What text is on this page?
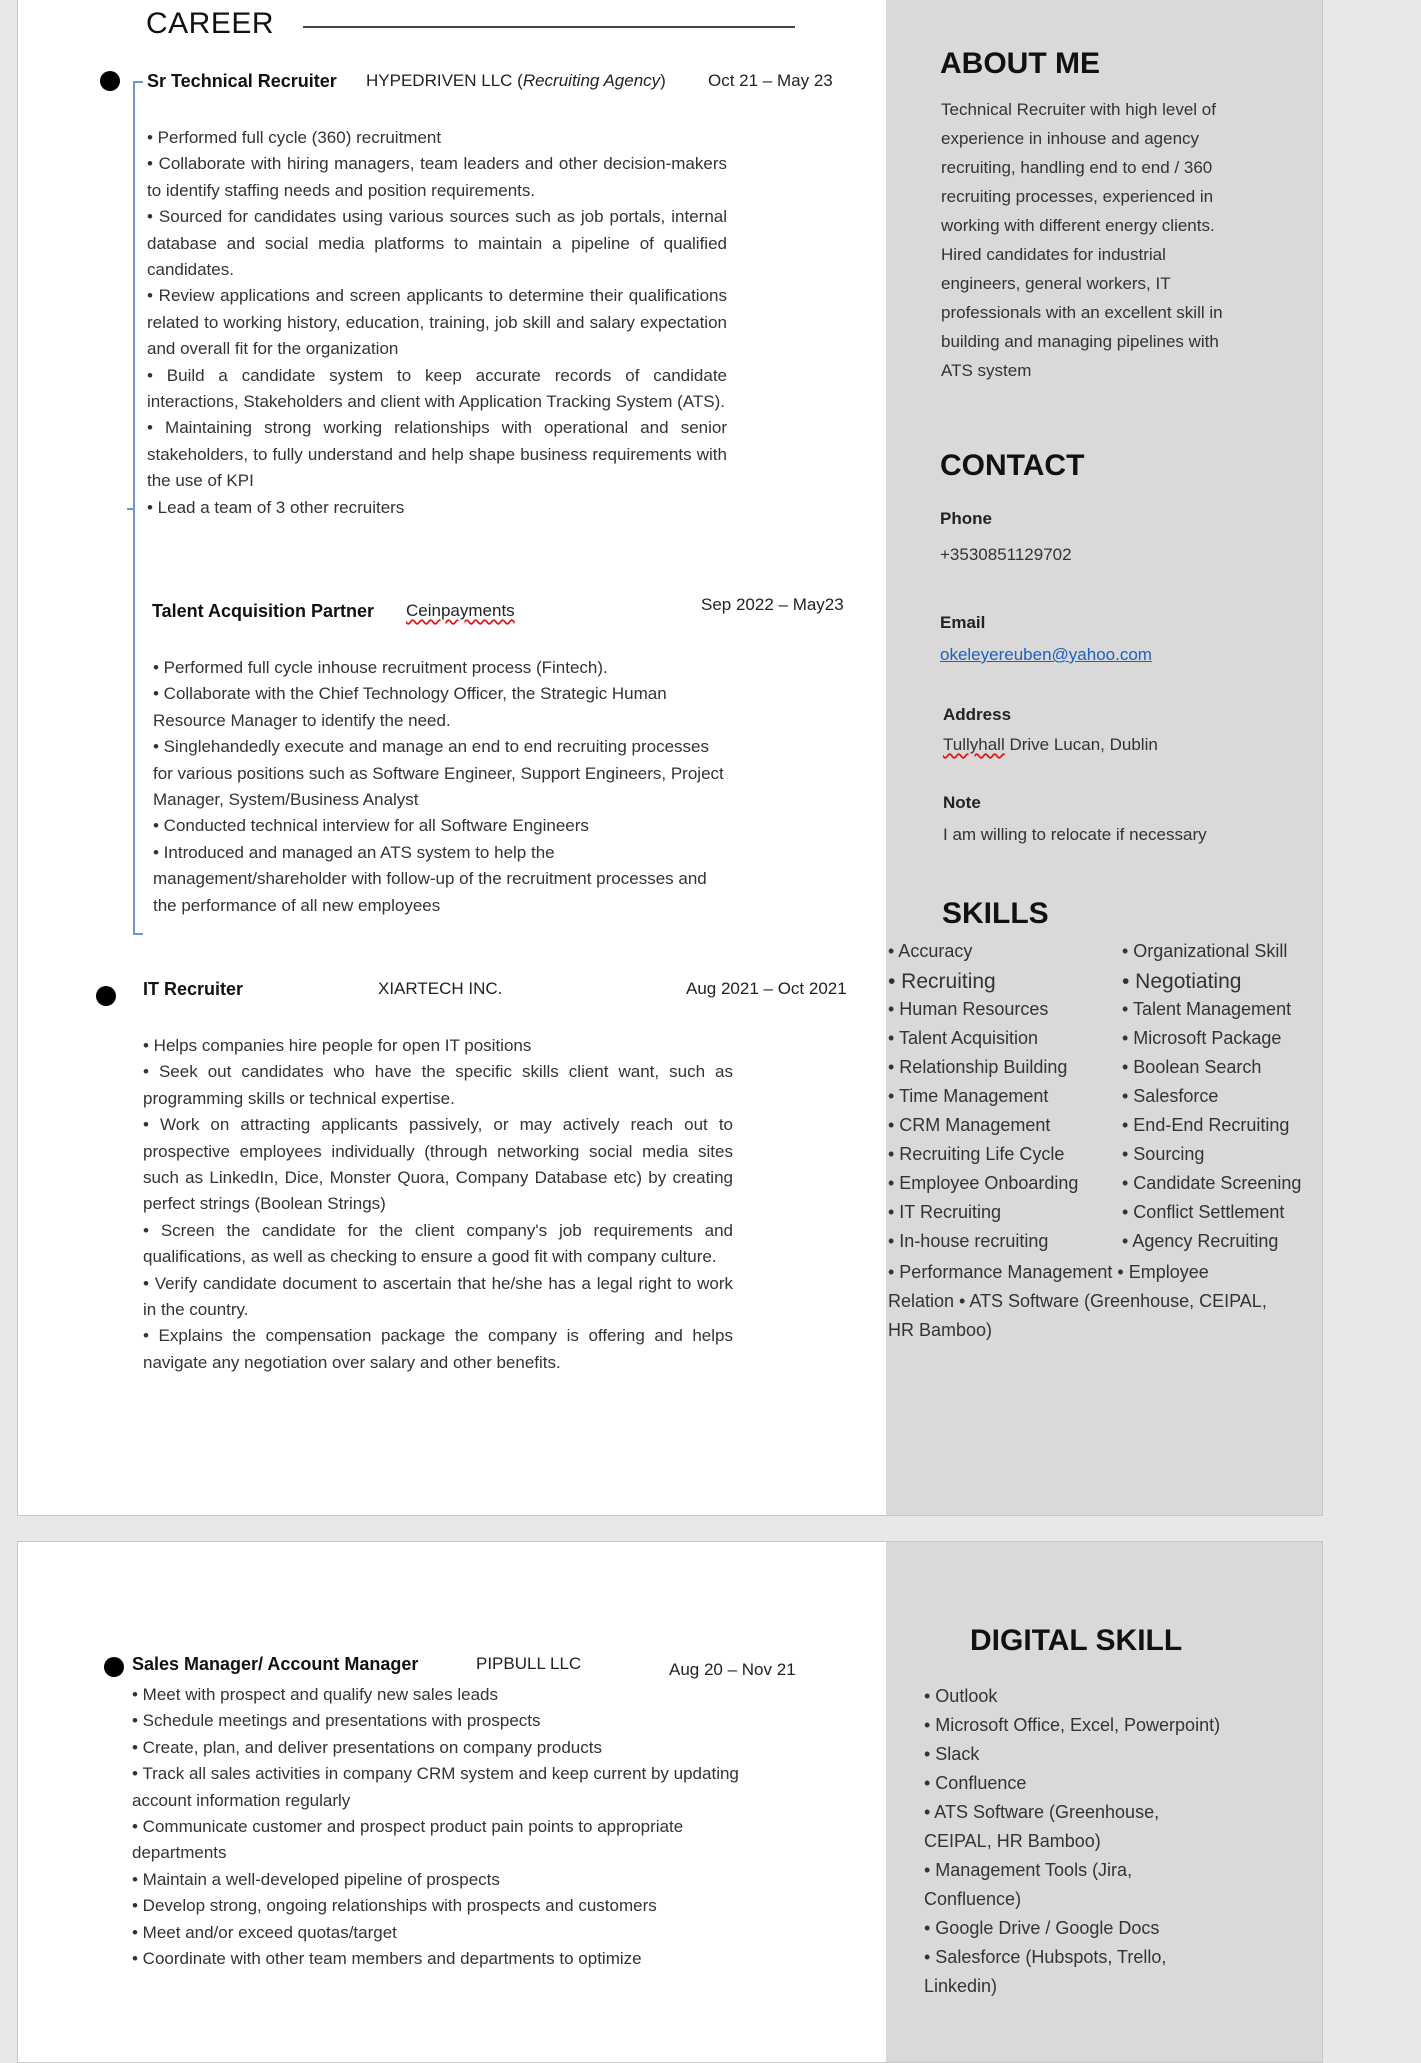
CAREER
Sr Technical Recruiter HYPEDRIVEN LLC (Recruiting Agency) Oct 21 – May 23
• Performed full cycle (360) recruitment
• Collaborate with hiring managers, team leaders and other decision-makers to identify staffing needs and position requirements.
• Sourced for candidates using various sources such as job portals, internal database and social media platforms to maintain a pipeline of qualified candidates.
• Review applications and screen applicants to determine their qualifications related to working history, education, training, job skill and salary expectation and overall fit for the organization
• Build a candidate system to keep accurate records of candidate interactions, Stakeholders and client with Application Tracking System (ATS).
• Maintaining strong working relationships with operational and senior stakeholders, to fully understand and help shape business requirements with the use of KPI
• Lead a team of 3 other recruiters
Talent Acquisition Partner Ceinpayments	Sep 2022 – May23
• Performed full cycle inhouse recruitment process (Fintech).
• Collaborate with the Chief Technology Officer, the Strategic Human Resource Manager to identify the need.
• Singlehandedly execute and manage an end to end recruiting processes for various positions such as Software Engineer, Support Engineers, Project Manager, System/Business Analyst
• Conducted technical interview for all Software Engineers
• Introduced and managed an ATS system to help the management/shareholder with follow-up of the recruitment processes and the performance of all new employees
IT Recruiter	XIARTECH INC.	Aug 2021 – Oct 2021
• Helps companies hire people for open IT positions
• Seek out candidates who have the specific skills client want, such as programming skills or technical expertise.
• Work on attracting applicants passively, or may actively reach out to prospective employees individually (through networking social media sites such as LinkedIn, Dice, Monster Quora, Company Database etc) by creating perfect strings (Boolean Strings)
• Screen the candidate for the client company's job requirements and qualifications, as well as checking to ensure a good fit with company culture.
• Verify candidate document to ascertain that he/she has a legal right to work in the country.
• Explains the compensation package the company is offering and helps navigate any negotiation over salary and other benefits.
ABOUT ME
Technical Recruiter with high level of experience in inhouse and agency recruiting, handling end to end / 360 recruiting processes, experienced in working with different energy clients. Hired candidates for industrial engineers, general workers, IT professionals with an excellent skill in building and managing pipelines with ATS system
CONTACT
Phone
+3530851129702
Email
okeleyereuben@yahoo.com
Address
Tullyhall Drive Lucan, Dublin
Note
I am willing to relocate if necessary
SKILLS
• Accuracy
• Recruiting
• Human Resources
• Talent Acquisition
• Relationship Building
• Time Management
• CRM Management
• Recruiting Life Cycle
• Employee Onboarding
• IT Recruiting
• In-house recruiting
• Organizational Skill
• Negotiating
• Talent Management
• Microsoft Package
• Boolean Search
• Salesforce
• End-End Recruiting
• Sourcing
• Candidate Screening
• Conflict Settlement
• Agency Recruiting
• Performance Management • Employee
Relation • ATS Software (Greenhouse, CEIPAL,
HR Bamboo)
Sales Manager/ Account Manager	PIPBULL LLC	Aug 20 – Nov 21
• Meet with prospect and qualify new sales leads
• Schedule meetings and presentations with prospects
• Create, plan, and deliver presentations on company products
• Track all sales activities in company CRM system and keep current by updating account information regularly
• Communicate customer and prospect product pain points to appropriate departments
• Maintain a well-developed pipeline of prospects
• Develop strong, ongoing relationships with prospects and customers
• Meet and/or exceed quotas/target
• Coordinate with other team members and departments to optimize
DIGITAL SKILL
• Outlook
• Microsoft Office, Excel, Powerpoint)
• Slack
• Confluence
• ATS Software (Greenhouse, CEIPAL, HR Bamboo)
• Management Tools (Jira, Confluence)
• Google Drive / Google Docs
• Salesforce (Hubspots, Trello, Linkedin)
